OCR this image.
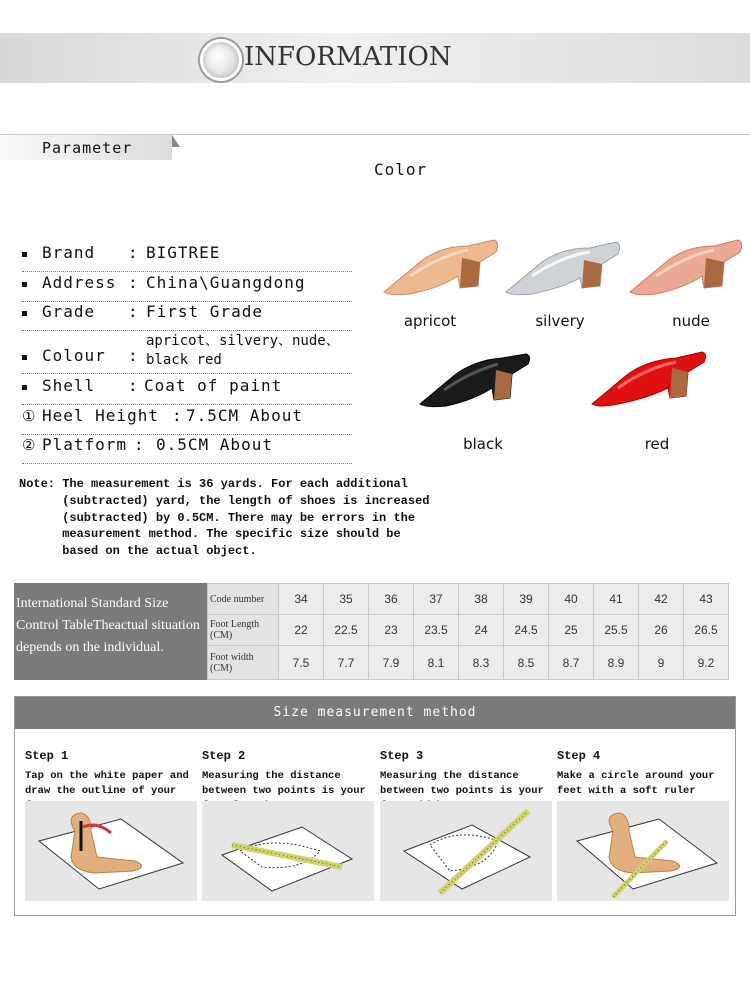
INFORMATION
Parameter
Color
Brand : BIGTREE
Address : China\Guangdong
Grade : First Grade
Colour :
apricot、silvery、nude、black red
Shell : Coat of paint
① Heel Height : 7.5CM About
② Platform : 0.5CM About
apricot	silvery	nude
black	red
Note: The measurement is 36 yards. For each additional
(subtracted) yard, the length of shoes is increased
(subtracted) by 0.5CM. There may be errors in the
measurement method. The specific size should be
based on the actual object.
International Standard Size Control TableTheactual situation depends on the individual.
Code number	34	35	36	37	38	39	40	41	42	43
Foot Length (CM)	22	22.5	23	23.5	24	24.5	25	25.5	26	26.5
Foot width (CM)	7.5	7.7	7.9	8.1	8.3	8.5	8.7	8.9	9	9.2
Size measurement method
Step 1
Tap on the white paper and draw the outline of your
Step 2
Measuring the distance between two points is your
Step 3
Measuring the distance between two points is your
Step 4
Make a circle around your feet with a soft ruler
